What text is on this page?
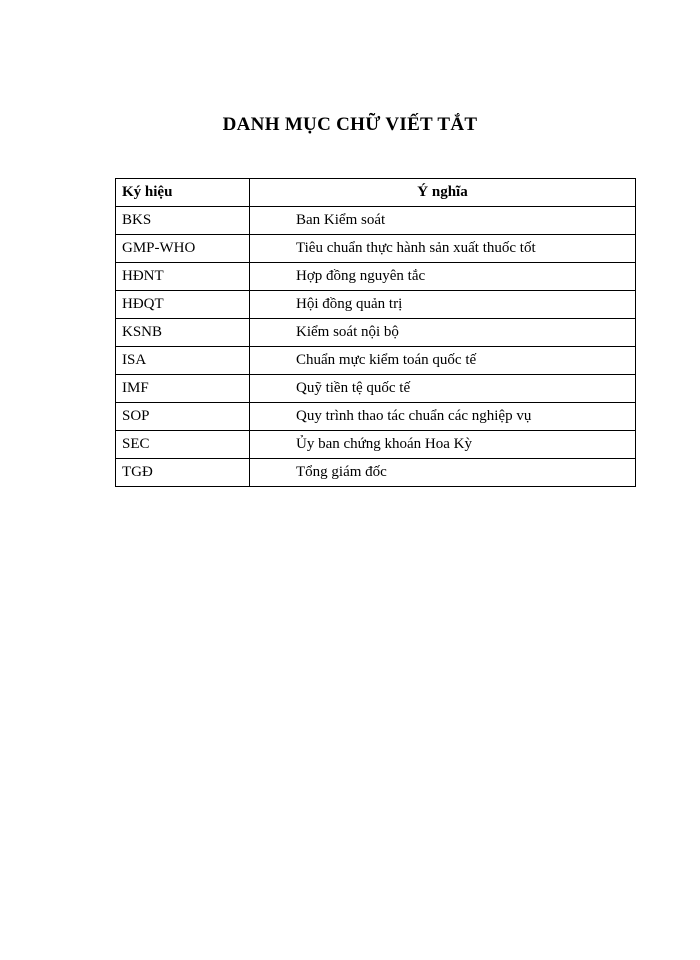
DANH MỤC CHỮ VIẾT TẮT
Ký hiệu	Ý nghĩa
BKS	Ban Kiểm soát
GMP-WHO	Tiêu chuẩn thực hành sản xuất thuốc tốt
HĐNT	Hợp đồng nguyên tắc
HĐQT	Hội đồng quản trị
KSNB	Kiểm soát nội bộ
ISA	Chuẩn mực kiểm toán quốc tế
IMF	Quỹ tiền tệ quốc tế
SOP	Quy trình thao tác chuẩn các nghiệp vụ
SEC	Ủy ban chứng khoán Hoa Kỳ
TGĐ	Tổng giám đốc
